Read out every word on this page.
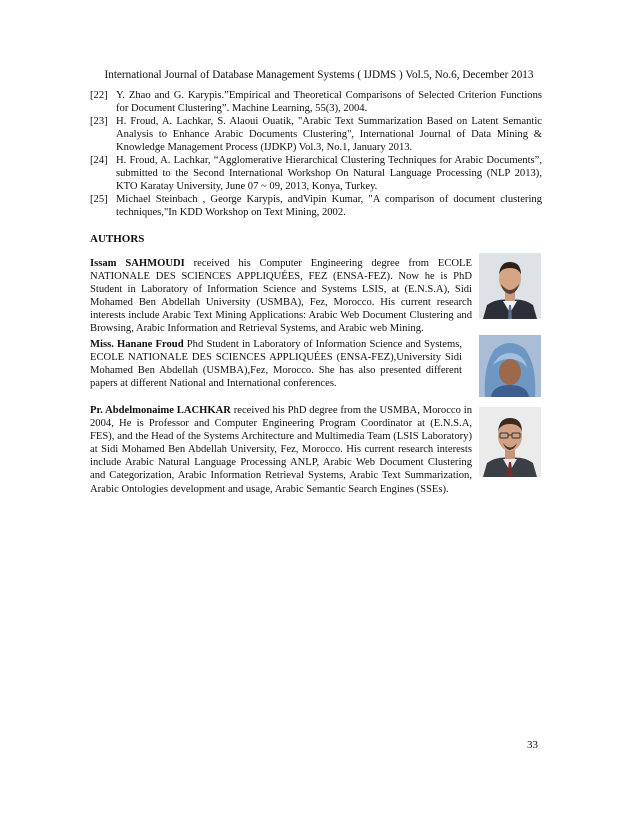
International Journal of Database Management Systems ( IJDMS ) Vol.5, No.6, December 2013
[22] Y. Zhao and G. Karypis.”Empirical and Theoretical Comparisons of Selected Criterion Functions for Document Clustering”. Machine Learning, 55(3), 2004.
[23] H. Froud, A. Lachkar, S. Alaoui Ouatik, "Arabic Text Summarization Based on Latent Semantic Analysis to Enhance Arabic Documents Clustering", International Journal of Data Mining & Knowledge Management Process (IJDKP) Vol.3, No.1, January 2013.
[24] H. Froud, A. Lachkar, “Agglomerative Hierarchical Clustering Techniques for Arabic Documents”, submitted to the Second International Workshop On Natural Language Processing (NLP 2013), KTO Karatay University, June 07 ~ 09, 2013, Konya, Turkey.
[25] Michael Steinbach , George Karypis, andVipin Kumar, "A comparison of document clustering techniques,"In KDD Workshop on Text Mining, 2002.
AUTHORS
Issam SAHMOUDI received his Computer Engineering degree from ECOLE NATIONALE DES SCIENCES APPLIQUÉES, FEZ (ENSA-FEZ). Now he is PhD Student in Laboratory of Information Science and Systems LSIS, at (E.N.S.A), Sidi Mohamed Ben Abdellah University (USMBA), Fez, Morocco. His current research interests include Arabic Text Mining Applications: Arabic Web Document Clustering and Browsing, Arabic Information and Retrieval Systems, and Arabic web Mining.
Miss. Hanane Froud Phd Student in Laboratory of Information Science and Systems, ECOLE NATIONALE DES SCIENCES APPLIQUÉES (ENSA-FEZ),University Sidi Mohamed Ben Abdellah (USMBA),Fez, Morocco. She has also presented different papers at different National and International conferences.
Pr. Abdelmonaime LACHKAR received his PhD degree from the USMBA, Morocco in 2004, He is Professor and Computer Engineering Program Coordinator at (E.N.S.A, FES), and the Head of the Systems Architecture and Multimedia Team (LSIS Laboratory) at Sidi Mohamed Ben Abdellah University, Fez, Morocco. His current research interests include Arabic Natural Language Processing ANLP, Arabic Web Document Clustering and Categorization, Arabic Information Retrieval Systems, Arabic Text Summarization, Arabic Ontologies development and usage, Arabic Semantic Search Engines (SSEs).
33
